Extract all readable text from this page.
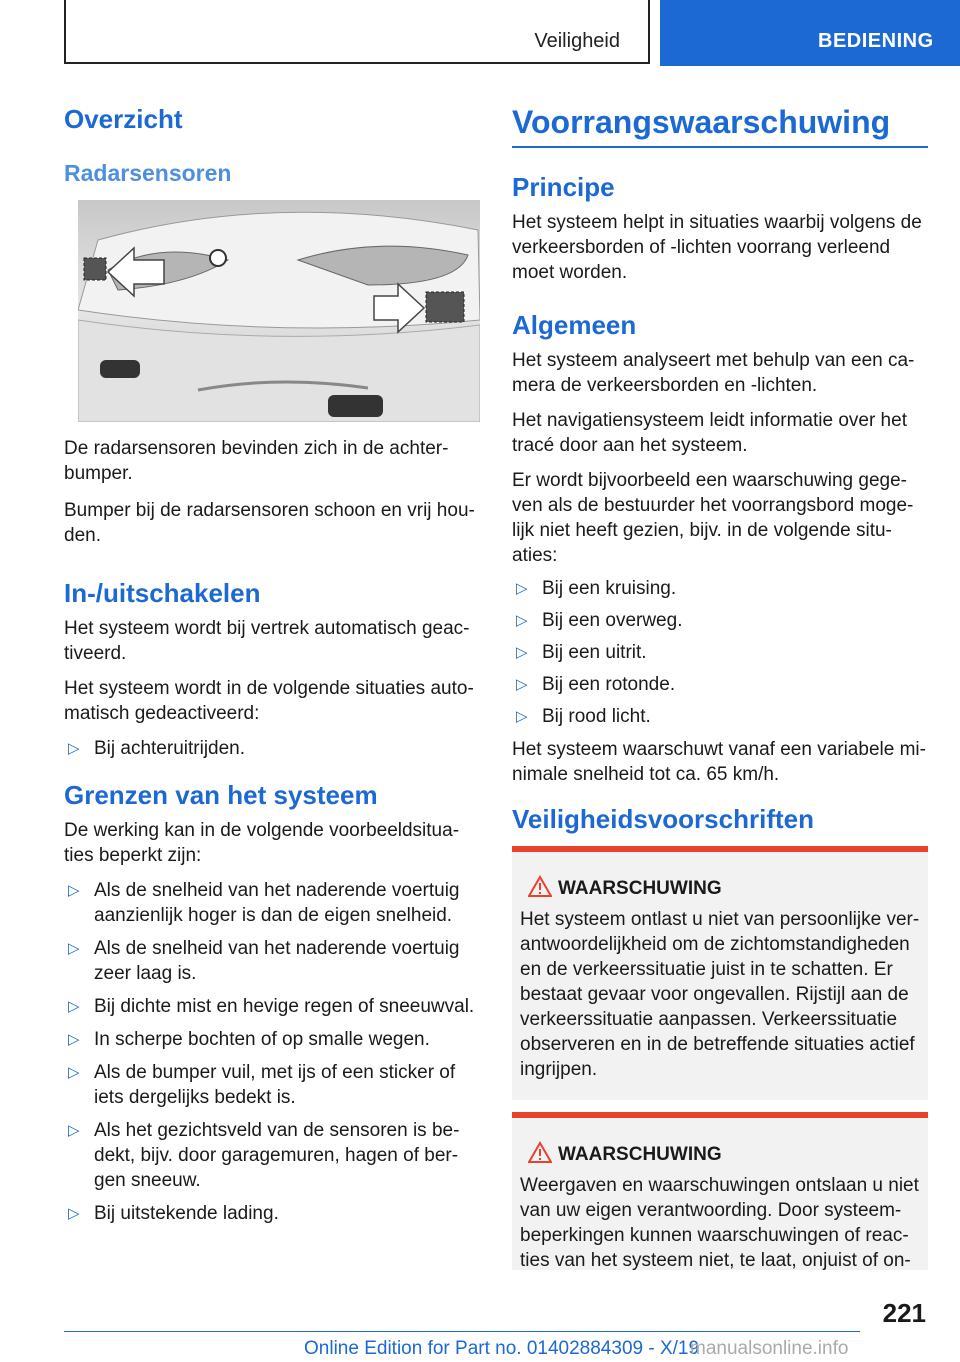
Veiligheid	BEDIENING
Overzicht
Radarsensoren

De radarsensoren bevinden zich in de achter-bumper.

Bumper bij de radarsensoren schoon en vrij hou-den.

In-/uitschakelen

Het systeem wordt bij vertrek automatisch geac-tiveerd.

Het systeem wordt in de volgende situaties auto-matisch gedeactiveerd:

▷ Bij achteruitrijden.
Grenzen van het systeem

De werking kan in de volgende voorbeeldsitua-ties beperkt zijn:

▷ Als de snelheid van het naderende voertuig aanzienlijk hoger is dan de eigen snelheid.
▷ Als de snelheid van het naderende voertuig zeer laag is.
▷ Bij dichte mist en hevige regen of sneeuwval.
▷ In scherpe bochten of op smalle wegen.
▷ Als de bumper vuil, met ijs of een sticker of iets dergelijks bedekt is.
▷ Als het gezichtsveld van de sensoren is be-dekt, bijv. door garagemuren, hagen of ber-gen sneeuw.
▷ Bij uitstekende lading.
Voorrangswaarschuwing
Principe

Het systeem helpt in situaties waarbij volgens de verkeersborden of -lichten voorrang verleend moet worden.

Algemeen

Het systeem analyseert met behulp van een ca-mera de verkeersborden en -lichten.

Het navigatiensysteem leidt informatie over het tracé door aan het systeem.

Er wordt bijvoorbeeld een waarschuwing gege-ven als de bestuurder het voorrangsbord moge-lijk niet heeft gezien, bijv. in de volgende situ-aties:

▷ Bij een kruising.
▷ Bij een overweg.
▷ Bij een uitrit.
▷ Bij een rotonde.
▷ Bij rood licht.

Het systeem waarschuwt vanaf een variabele mi-nimale snelheid tot ca. 65 km/h.

Veiligheidsvoorschriften
WAARSCHUWING

Het systeem ontlast u niet van persoonlijke ver-antwoordelijkheid om de zichtomstandigheden en de verkeerssituatie juist in te schatten. Er bestaat gevaar voor ongevallen. Rijstijl aan de verkeerssituatie aanpassen. Verkeerssituatie observeren en in de betreffende situaties actief ingrijpen.

WAARSCHUWING

Weergaven en waarschuwingen ontslaan u niet van uw eigen verantwoording. Door systeem-beperkingen kunnen waarschuwingen of reac-ties van het systeem niet, te laat, onjuist of on-

221
Online Edition for Part no. 01402884309 - X/19
manualsonline.info
